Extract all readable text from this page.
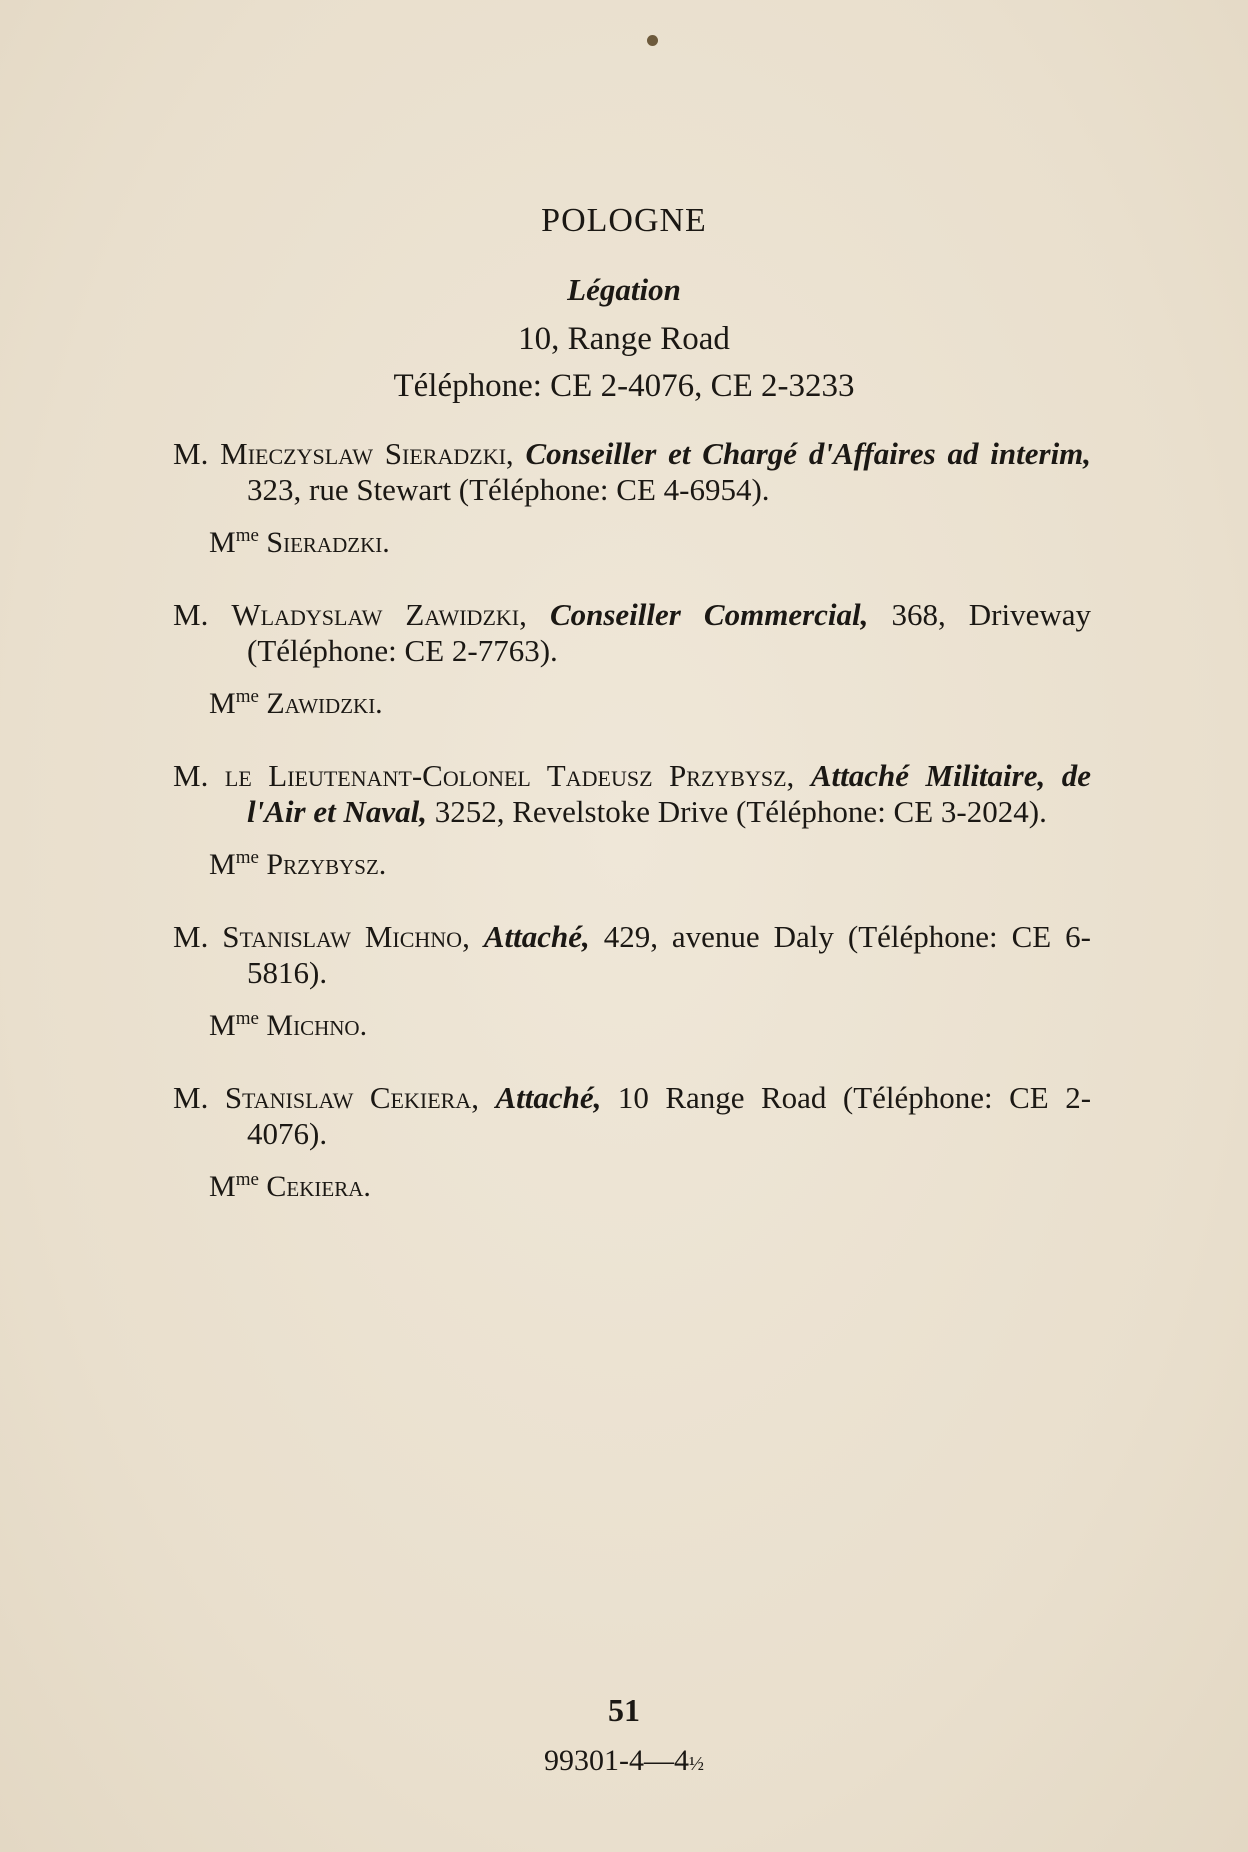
POLOGNE
Légation
10, Range Road
Téléphone: CE 2-4076, CE 2-3233
M. Mieczyslaw Sieradzki, Conseiller et Chargé d'Affaires ad interim, 323, rue Stewart (Téléphone: CE 4-6954).
$M^{me}$ Sieradzki.
M. Wladyslaw Zawidzki, Conseiller Commercial, 368, Driveway (Téléphone: CE 2-7763).
$M^{me}$ Zawidzki.
M. le Lieutenant-Colonel Tadeusz Przybysz, Attaché Militaire, de l'Air et Naval, 3252, Revelstoke Drive (Téléphone: CE 3-2024).
$M^{me}$ Przybysz.
M. Stanislaw Michno, Attaché, 429, avenue Daly (Téléphone: CE 6-5816).
$M^{me}$ Michno.
M. Stanislaw Cekiera, Attaché, 10 Range Road (Téléphone: CE 2-4076).
$M^{me}$ Cekiera.
51
99301-4—4½
